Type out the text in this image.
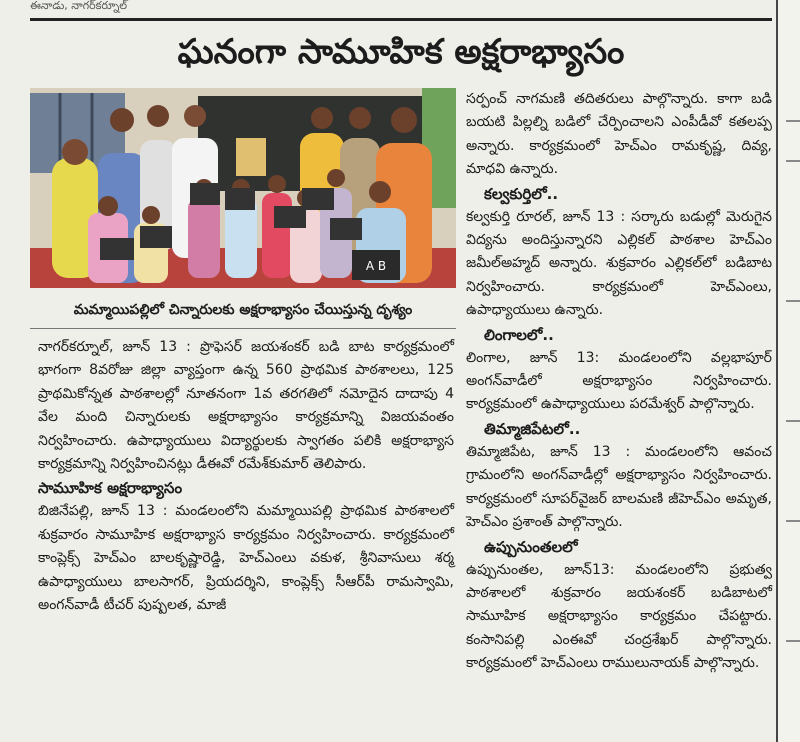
ఈనాడు, నాగర్‌కర్నూల్‌
ఘనంగా సామూహిక అక్షరాభ్యాసం
A B

మమ్మాయిపల్లిలో చిన్నారులకు అక్షరాభ్యాసం చేయిస్తున్న దృశ్యం

నాగర్‌కర్నూల్‌, జూన్‌ 13 : ప్రొఫెసర్‌ జయశంకర్‌ బడి బాట కార్యక్రమంలో భాగంగా 8వరోజు జిల్లా వ్యాప్తంగా ఉన్న 560 ప్రాథమిక పాఠశాలలు, 125 ప్రాథమికోన్నత పాఠశాలల్లో నూతనంగా 1వ తరగతిలో నమోదైన దాదాపు 4 వేల మంది చిన్నారులకు అక్షరాభ్యాసం కార్యక్రమాన్ని విజయవంతం నిర్వహించారు. ఉపాధ్యాయులు విద్యార్థులకు స్వాగతం పలికి అక్షరాభ్యాస కార్యక్రమాన్ని నిర్వహించినట్లు డీఈవో రమేశ్‌కుమార్‌ తెలిపారు.

సామూహిక అక్షరాభ్యాసం

బిజినేపల్లి, జూన్‌ 13 : మండలంలోని మమ్మాయిపల్లి ప్రాథమిక పాఠశాలలో శుక్రవారం సామూహిక అక్షరాభ్యాస కార్యక్రమం నిర్వహించారు. కార్యక్రమంలో కాంప్లెక్స్‌ హెచ్‌ఎం బాలకృష్ణారెడ్డి, హెచ్‌ఎంలు వకుళ, శ్రీనివాసులు శర్మ ఉపాధ్యాయులు బాలసాగర్‌, ప్రియదర్శిని, కాంప్లెక్స్‌ సీఆర్‌పీ రామస్వామి, అంగన్‌వాడీ టీచర్‌ పుష్పలత, మాజీ

సర్పంచ్‌ నాగమణి తదితరులు పాల్గొన్నారు. కాగా బడి బయటి పిల్లల్ని బడిలో చేర్పించాలని ఎంపీడీవో కతలప్ప అన్నారు. కార్యక్రమంలో హెచ్‌ఎం రామకృష్ణ, దివ్య, మాధవి ఉన్నారు.

కల్వకుర్తిలో..

కల్వకుర్తి రూరల్‌, జూన్‌ 13 : సర్కారు బడుల్లో మెరుగైన విద్యను అందిస్తున్నారని ఎల్లికల్‌ పాఠశాల హెచ్‌ఎం జమీల్‌అహ్మద్‌ అన్నారు. శుక్రవారం ఎల్లికల్‌లో బడిబాట నిర్వహించారు. కార్యక్రమంలో హెచ్‌ఎంలు, ఉపాధ్యాయులు ఉన్నారు.

లింగాలలో..

లింగాల, జూన్‌ 13: మండలంలోని వల్లభాపూర్‌ అంగన్‌వాడీలో అక్షరాభ్యాసం నిర్వహించారు. కార్యక్రమంలో ఉపాధ్యాయులు పరమేశ్వర్‌ పాల్గొన్నారు.

తిమ్మాజిపేటలో..

తిమ్మాజిపేట, జూన్‌ 13 : మండలంలోని ఆవంచ గ్రామంలోని అంగన్‌వాడీల్లో అక్షరాభ్యాసం నిర్వహించారు. కార్యక్రమంలో సూపర్‌వైజర్‌ బాలమణి జీహెచ్‌ఎం అమృత, హెచ్‌ఎం ప్రశాంత్‌ పాల్గొన్నారు.

ఉప్పునుంతలలో

ఉప్పునుంతల, జూన్‌13: మండలంలోని ప్రభుత్వ పాఠశాలలో శుక్రవారం జయశంకర్‌ బడిబాటలో సామూహిక అక్షరాభ్యాసం కార్యక్రమం చేపట్టారు. కంసానిపల్లి ఎంఈవో చంద్రశేఖర్‌ పాల్గొన్నారు. కార్యక్రమంలో హెచ్‌ఎంలు రాములునాయక్‌ పాల్గొన్నారు.
